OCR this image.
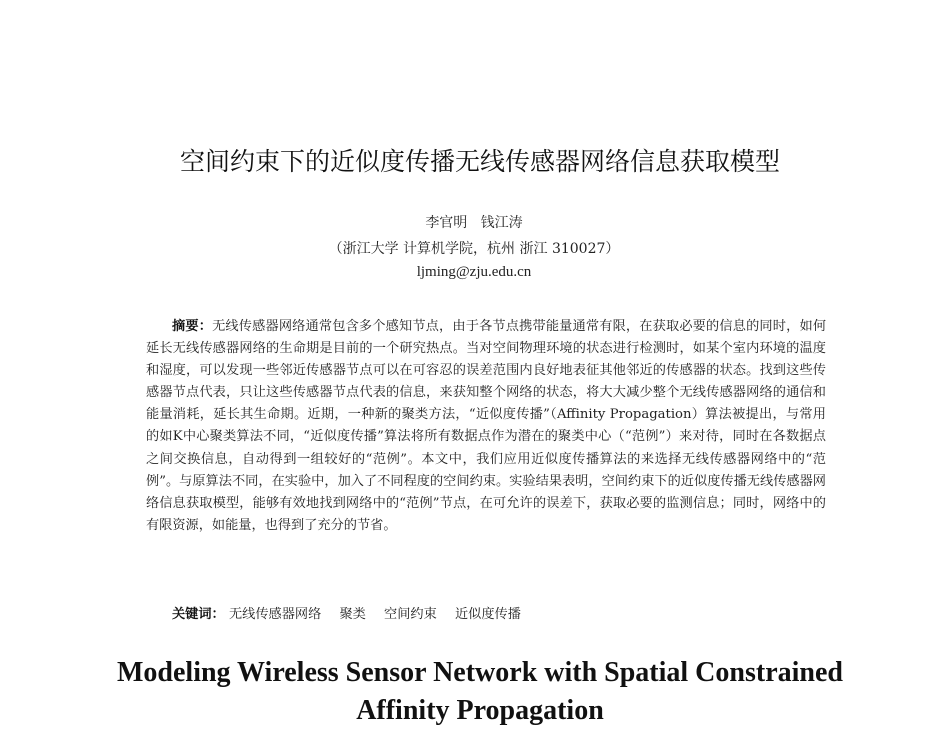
空间约束下的近似度传播无线传感器网络信息获取模型
李官明   钱江涛
（浙江大学 计算机学院，杭州 浙江 310027）
ljming@zju.edu.cn

摘要：无线传感器网络通常包含多个感知节点，由于各节点携带能量通常有限，在获取必要的信息的同时，如何延长无线传感器网络的生命期是目前的一个研究热点。当对空间物理环境的状态进行检测时，如某个室内环境的温度和湿度，可以发现一些邻近传感器节点可以在可容忍的误差范围内良好地表征其他邻近的传感器的状态。找到这些传感器节点代表，只让这些传感器节点代表的信息，来获知整个网络的状态，将大大减少整个无线传感器网络的通信和能量消耗，延长其生命期。近期，一种新的聚类方法，“近似度传播”（Affinity Propagation）算法被提出，与常用的如K中心聚类算法不同，“近似度传播”算法将所有数据点作为潜在的聚类中心（“范例”）来对待，同时在各数据点之间交换信息，自动得到一组较好的“范例”。本文中，我们应用近似度传播算法的来选择无线传感器网络中的“范例”。与原算法不同，在实验中，加入了不同程度的空间约束。实验结果表明，空间约束下的近似度传播无线传感器网络信息获取模型，能够有效地找到网络中的“范例”节点，在可允许的误差下，获取必要的监测信息；同时，网络中的有限资源，如能量，也得到了充分的节省。

关键词： 无线传感器网络 聚类 空间约束 近似度传播
Modeling Wireless Sensor Network with Spatial Constrained Affinity Propagation
